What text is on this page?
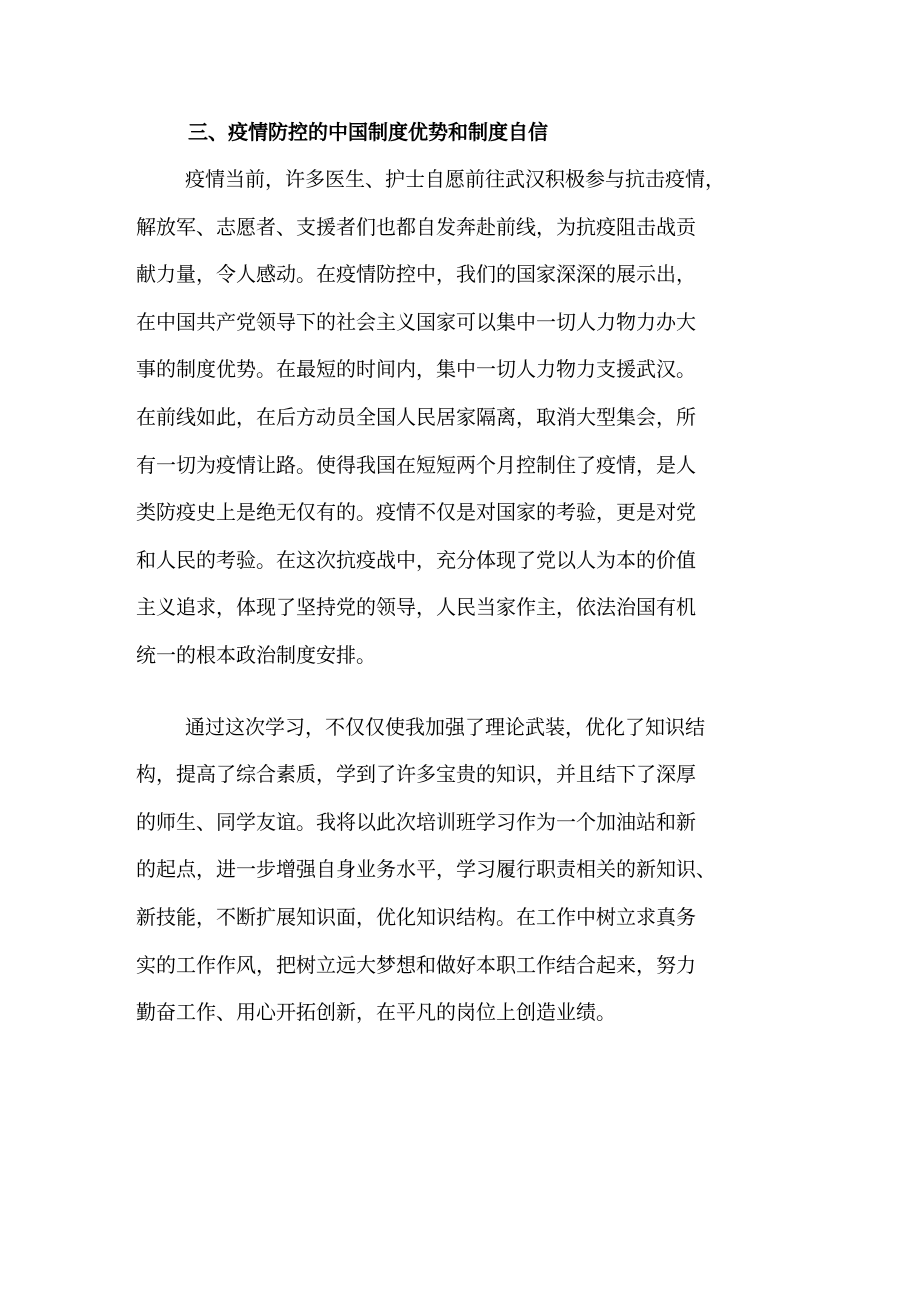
三、疫情防控的中国制度优势和制度自信

疫情当前，许多医生、护士自愿前往武汉积极参与抗击疫情，

解放军、志愿者、支援者们也都自发奔赴前线，为抗疫阻击战贡

献力量，令人感动。在疫情防控中，我们的国家深深的展示出，

在中国共产党领导下的社会主义国家可以集中一切人力物力办大

事的制度优势。在最短的时间内，集中一切人力物力支援武汉。

在前线如此，在后方动员全国人民居家隔离，取消大型集会，所

有一切为疫情让路。使得我国在短短两个月控制住了疫情，是人

类防疫史上是绝无仅有的。疫情不仅是对国家的考验，更是对党

和人民的考验。在这次抗疫战中，充分体现了党以人为本的价值

主义追求，体现了坚持党的领导，人民当家作主，依法治国有机

统一的根本政治制度安排。

通过这次学习，不仅仅使我加强了理论武装，优化了知识结

构，提高了综合素质，学到了许多宝贵的知识，并且结下了深厚

的师生、同学友谊。我将以此次培训班学习作为一个加油站和新

的起点，进一步增强自身业务水平，学习履行职责相关的新知识、

新技能，不断扩展知识面，优化知识结构。在工作中树立求真务

实的工作作风，把树立远大梦想和做好本职工作结合起来，努力

勤奋工作、用心开拓创新，在平凡的岗位上创造业绩。
